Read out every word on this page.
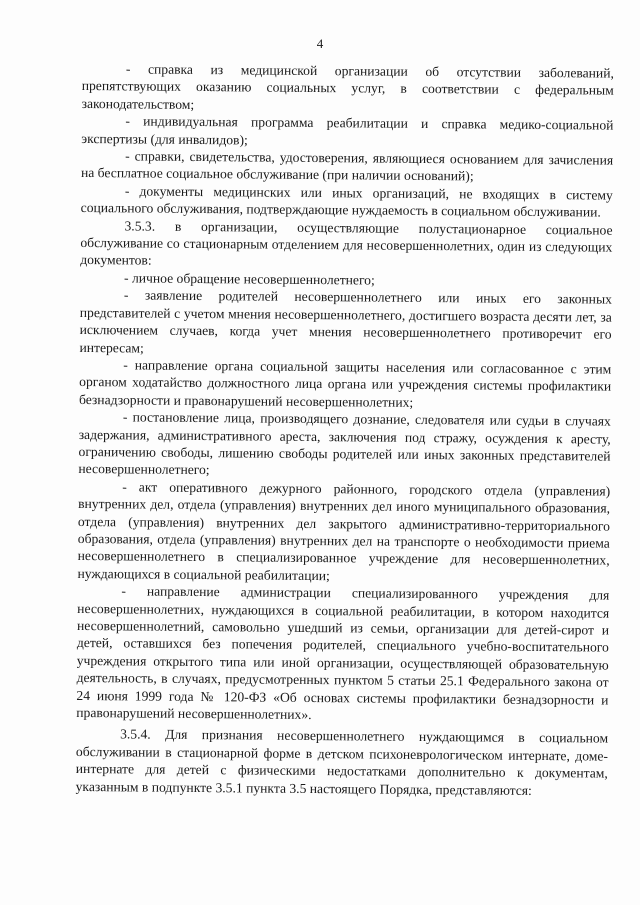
4

- справка из медицинской организации об отсутствии заболеваний, препятствующих оказанию социальных услуг, в соответствии с федеральным законодательством;

- индивидуальная программа реабилитации и справка медико-социальной экспертизы (для инвалидов);

- справки, свидетельства, удостоверения, являющиеся основанием для зачисления на бесплатное социальное обслуживание (при наличии оснований);

- документы медицинских или иных организаций, не входящих в систему социального обслуживания, подтверждающие нуждаемость в социальном обслуживании.

3.5.3. в организации, осуществляющие полустационарное социальное обслуживание со стационарным отделением для несовершеннолетних, один из следующих документов:

- личное обращение несовершеннолетнего;

- заявление родителей несовершеннолетнего или иных его законных представителей с учетом мнения несовершеннолетнего, достигшего возраста десяти лет, за исключением случаев, когда учет мнения несовершеннолетнего противоречит его интересам;

- направление органа социальной защиты населения или согласованное с этим органом ходатайство должностного лица органа или учреждения системы профилактики безнадзорности и правонарушений несовершеннолетних;

- постановление лица, производящего дознание, следователя или судьи в случаях задержания, административного ареста, заключения под стражу, осуждения к аресту, ограничению свободы, лишению свободы родителей или иных законных представителей несовершеннолетнего;

- акт оперативного дежурного районного, городского отдела (управления) внутренних дел, отдела (управления) внутренних дел иного муниципального образования, отдела (управления) внутренних дел закрытого административно-территориального образования, отдела (управления) внутренних дел на транспорте о необходимости приема несовершеннолетнего в специализированное учреждение для несовершеннолетних, нуждающихся в социальной реабилитации;

- направление администрации специализированного учреждения для несовершеннолетних, нуждающихся в социальной реабилитации, в котором находится несовершеннолетний, самовольно ушедший из семьи, организации для детей-сирот и детей, оставшихся без попечения родителей, специального учебно-воспитательного учреждения открытого типа или иной организации, осуществляющей образовательную деятельность, в случаях, предусмотренных пунктом 5 статьи 25.1 Федерального закона от 24 июня 1999 года № 120-ФЗ «Об основах системы профилактики безнадзорности и правонарушений несовершеннолетних».

3.5.4. Для признания несовершеннолетнего нуждающимся в социальном обслуживании в стационарной форме в детском психоневрологическом интернате, доме-интернате для детей с физическими недостатками дополнительно к документам, указанным в подпункте 3.5.1 пункта 3.5 настоящего Порядка, представляются:
